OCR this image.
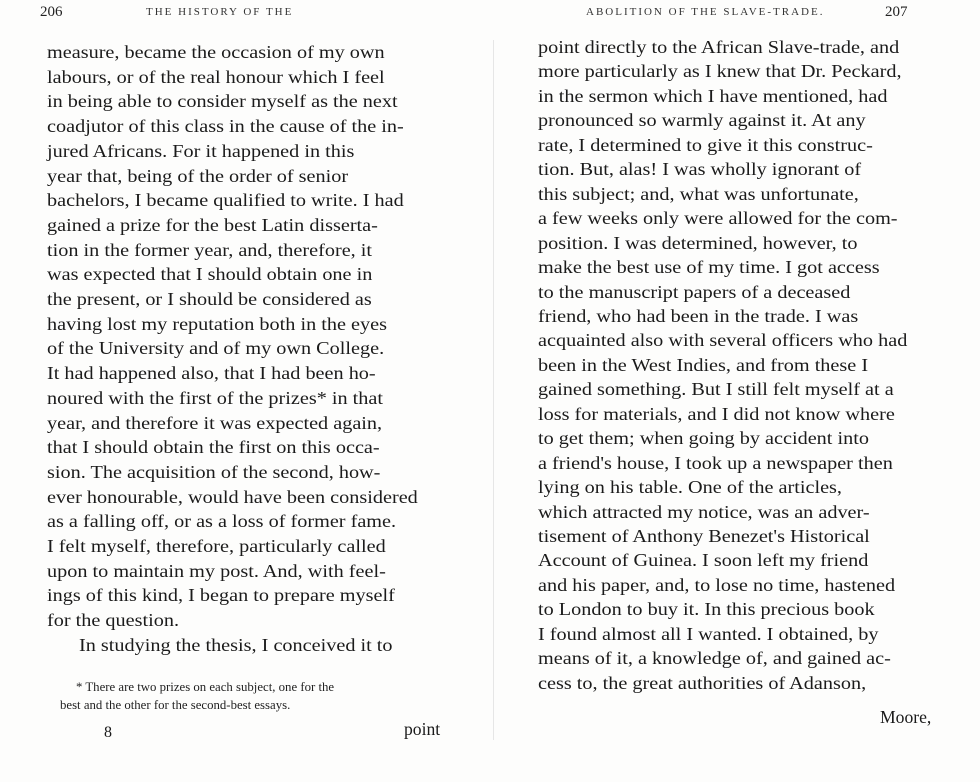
206	THE HISTORY OF THE
measure, became the occasion of my own
labours, or of the real honour which I feel
in being able to consider myself as the next
coadjutor of this class in the cause of the in-
jured Africans. For it happened in this
year that, being of the order of senior
bachelors, I became qualified to write. I had
gained a prize for the best Latin disserta-
tion in the former year, and, therefore, it
was expected that I should obtain one in
the present, or I should be considered as
having lost my reputation both in the eyes
of the University and of my own College.
It had happened also, that I had been ho-
noured with the first of the prizes* in that
year, and therefore it was expected again,
that I should obtain the first on this occa-
sion. The acquisition of the second, how-
ever honourable, would have been considered
as a falling off, or as a loss of former fame.
I felt myself, therefore, particularly called
upon to maintain my post. And, with feel-
ings of this kind, I began to prepare myself
for the question.
In studying the thesis, I conceived it to
* There are two prizes on each subject, one for the
best and the other for the second-best essays.
8	point
ABOLITION OF THE SLAVE-TRADE.	207
point directly to the African Slave-trade, and
more particularly as I knew that Dr. Peckard,
in the sermon which I have mentioned, had
pronounced so warmly against it. At any
rate, I determined to give it this construc-
tion. But, alas! I was wholly ignorant of
this subject; and, what was unfortunate,
a few weeks only were allowed for the com-
position. I was determined, however, to
make the best use of my time. I got access
to the manuscript papers of a deceased
friend, who had been in the trade. I was
acquainted also with several officers who had
been in the West Indies, and from these I
gained something. But I still felt myself at a
loss for materials, and I did not know where
to get them; when going by accident into
a friend's house, I took up a newspaper then
lying on his table. One of the articles,
which attracted my notice, was an adver-
tisement of Anthony Benezet's Historical
Account of Guinea. I soon left my friend
and his paper, and, to lose no time, hastened
to London to buy it. In this precious book
I found almost all I wanted. I obtained, by
means of it, a knowledge of, and gained ac-
cess to, the great authorities of Adanson,
Moore,
